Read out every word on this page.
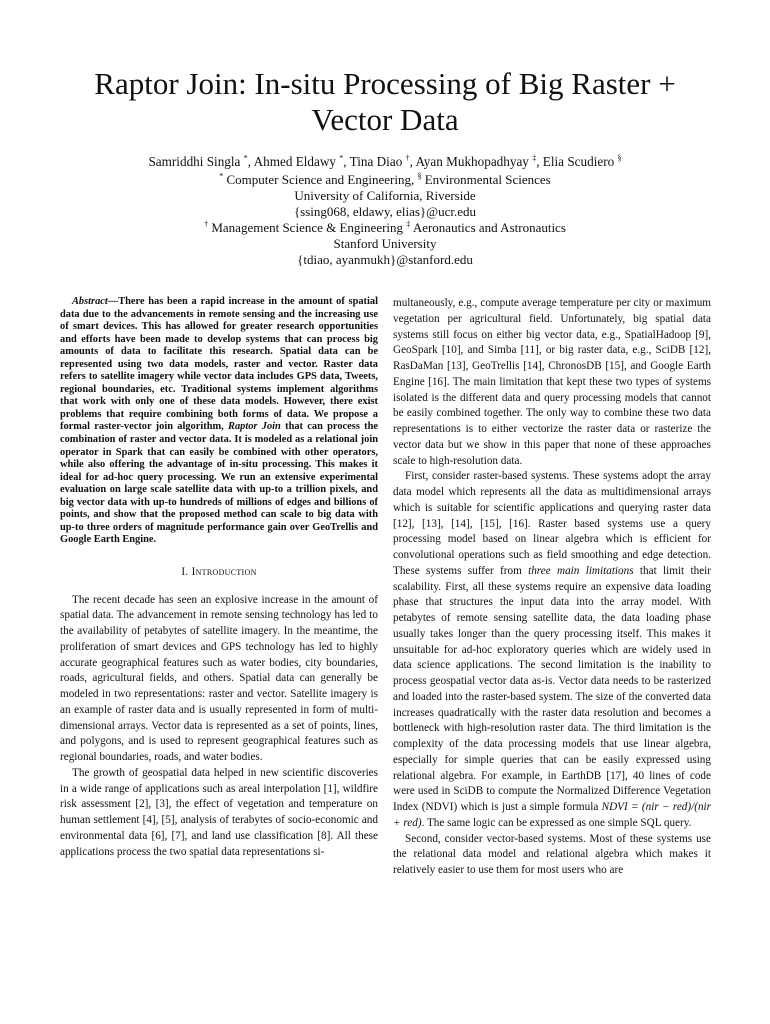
Raptor Join: In-situ Processing of Big Raster + Vector Data
Samriddhi Singla *, Ahmed Eldawy *, Tina Diao †, Ayan Mukhopadhyay ‡, Elia Scudiero §
* Computer Science and Engineering, § Environmental Sciences
University of California, Riverside
{ssing068, eldawy, elias}@ucr.edu
† Management Science & Engineering ‡ Aeronautics and Astronautics
Stanford University
{tdiao, ayanmukh}@stanford.edu

Abstract—There has been a rapid increase in the amount of spatial data due to the advancements in remote sensing and the increasing use of smart devices. This has allowed for greater research opportunities and efforts have been made to develop systems that can process big amounts of data to facilitate this research. Spatial data can be represented using two data models, raster and vector. Raster data refers to satellite imagery while vector data includes GPS data, Tweets, regional boundaries, etc. Traditional systems implement algorithms that work with only one of these data models. However, there exist problems that require combining both forms of data. We propose a formal raster-vector join algorithm, Raptor Join that can process the combination of raster and vector data. It is modeled as a relational join operator in Spark that can easily be combined with other operators, while also offering the advantage of in-situ processing. This makes it ideal for ad-hoc query processing. We run an extensive experimental evaluation on large scale satellite data with up-to a trillion pixels, and big vector data with up-to hundreds of millions of edges and billions of points, and show that the proposed method can scale to big data with up-to three orders of magnitude performance gain over GeoTrellis and Google Earth Engine.

I. Introduction

The recent decade has seen an explosive increase in the amount of spatial data. The advancement in remote sensing technology has led to the availability of petabytes of satellite imagery. In the meantime, the proliferation of smart devices and GPS technology has led to highly accurate geographical features such as water bodies, city boundaries, roads, agricultural fields, and others. Spatial data can generally be modeled in two representations: raster and vector. Satellite imagery is an example of raster data and is usually represented in form of multi-dimensional arrays. Vector data is represented as a set of points, lines, and polygons, and is used to represent geographical features such as regional boundaries, roads, and water bodies.

The growth of geospatial data helped in new scientific discoveries in a wide range of applications such as areal interpolation [1], wildfire risk assessment [2], [3], the effect of vegetation and temperature on human settlement [4], [5], analysis of terabytes of socio-economic and environmental data [6], [7], and land use classification [8]. All these applications process the two spatial data representations si-

multaneously, e.g., compute average temperature per city or maximum vegetation per agricultural field. Unfortunately, big spatial data systems still focus on either big vector data, e.g., SpatialHadoop [9], GeoSpark [10], and Simba [11], or big raster data, e.g., SciDB [12], RasDaMan [13], GeoTrellis [14], ChronosDB [15], and Google Earth Engine [16]. The main limitation that kept these two types of systems isolated is the different data and query processing models that cannot be easily combined together. The only way to combine these two data representations is to either vectorize the raster data or rasterize the vector data but we show in this paper that none of these approaches scale to high-resolution data.

First, consider raster-based systems. These systems adopt the array data model which represents all the data as multidimensional arrays which is suitable for scientific applications and querying raster data [12], [13], [14], [15], [16]. Raster based systems use a query processing model based on linear algebra which is efficient for convolutional operations such as field smoothing and edge detection. These systems suffer from three main limitations that limit their scalability. First, all these systems require an expensive data loading phase that structures the input data into the array model. With petabytes of remote sensing satellite data, the data loading phase usually takes longer than the query processing itself. This makes it unsuitable for ad-hoc exploratory queries which are widely used in data science applications. The second limitation is the inability to process geospatial vector data as-is. Vector data needs to be rasterized and loaded into the raster-based system. The size of the converted data increases quadratically with the raster data resolution and becomes a bottleneck with high-resolution raster data. The third limitation is the complexity of the data processing models that use linear algebra, especially for simple queries that can be easily expressed using relational algebra. For example, in EarthDB [17], 40 lines of code were used in SciDB to compute the Normalized Difference Vegetation Index (NDVI) which is just a simple formula NDVI = (nir − red)/(nir + red). The same logic can be expressed as one simple SQL query.

Second, consider vector-based systems. Most of these systems use the relational data model and relational algebra which makes it relatively easier to use them for most users who are
